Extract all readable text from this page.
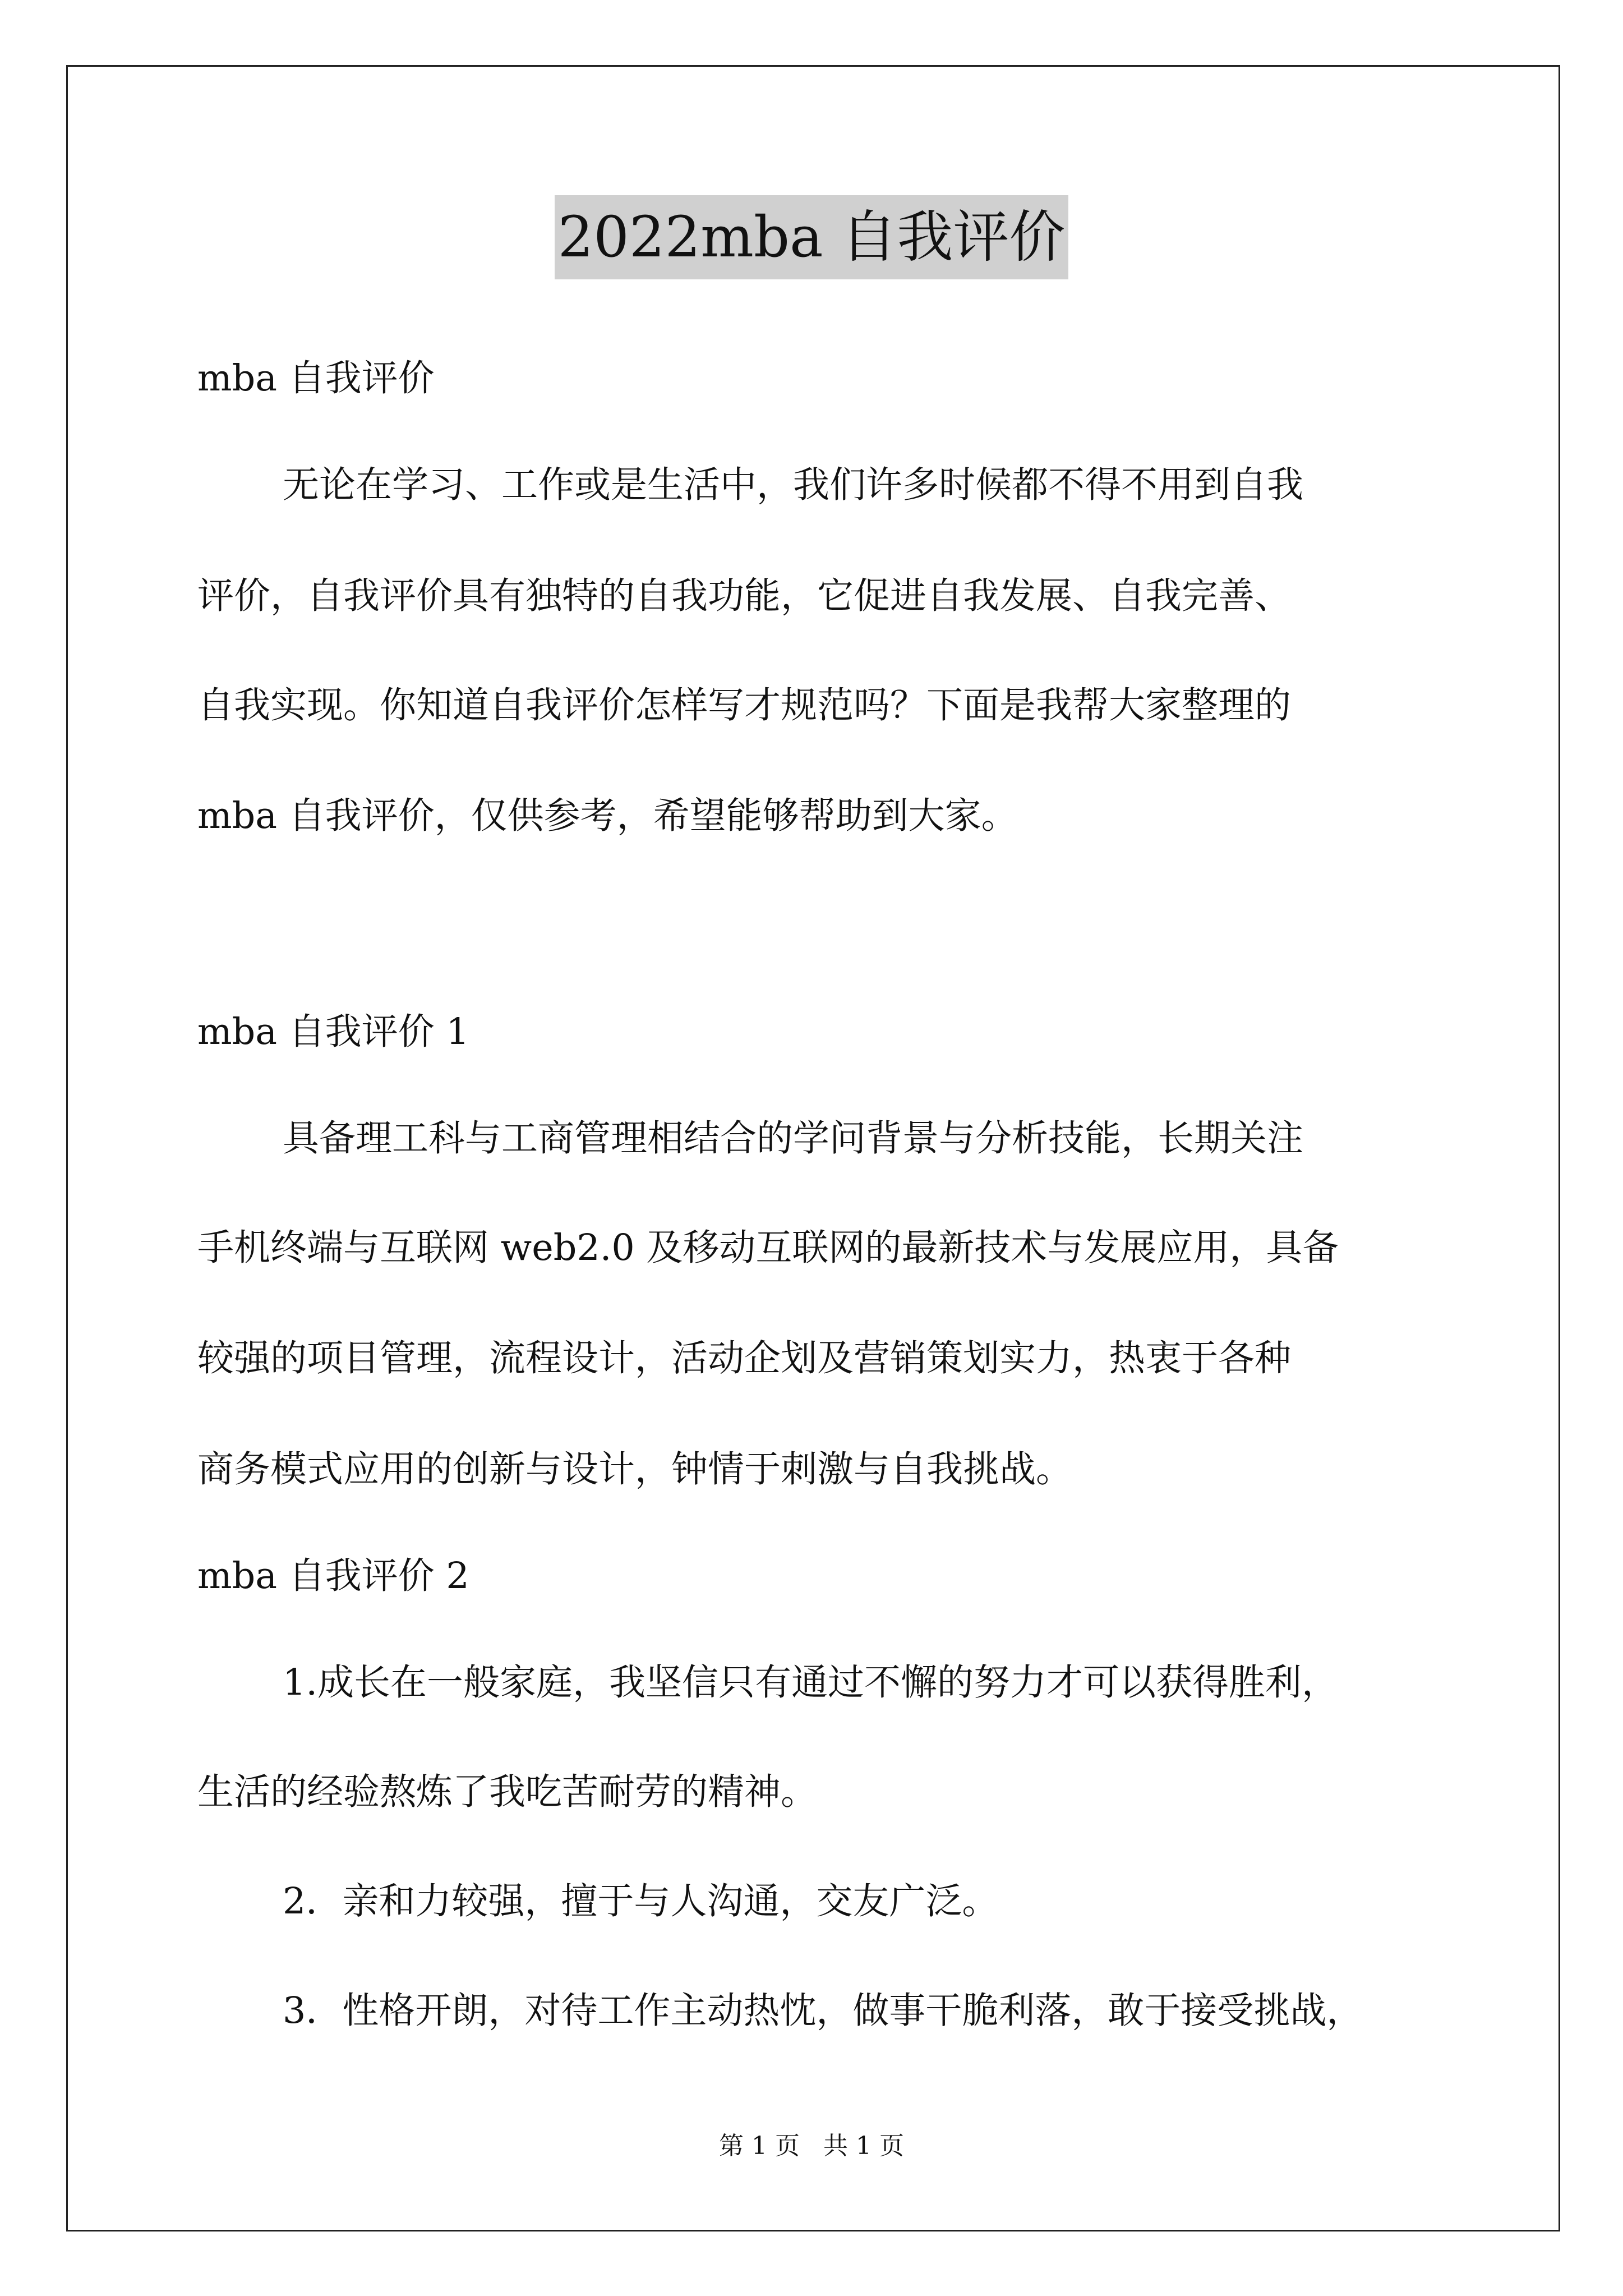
2022mba 自我评价
mba 自我评价
无论在学习、工作或是生活中，我们许多时候都不得不用到自我
评价，自我评价具有独特的自我功能，它促进自我发展、自我完善、
自我实现。你知道自我评价怎样写才规范吗？下面是我帮大家整理的
mba 自我评价，仅供参考，希望能够帮助到大家。
mba 自我评价 1
具备理工科与工商管理相结合的学问背景与分析技能，长期关注
手机终端与互联网 web2.0 及移动互联网的最新技术与发展应用，具备
较强的项目管理，流程设计，活动企划及营销策划实力，热衷于各种
商务模式应用的创新与设计，钟情于刺激与自我挑战。
mba 自我评价 2
1.成长在一般家庭，我坚信只有通过不懈的努力才可以获得胜利，
生活的经验熬炼了我吃苦耐劳的精神。
2．亲和力较强，擅于与人沟通，交友广泛。
3．性格开朗，对待工作主动热忱，做事干脆利落，敢于接受挑战，
第 1 页   共 1 页
